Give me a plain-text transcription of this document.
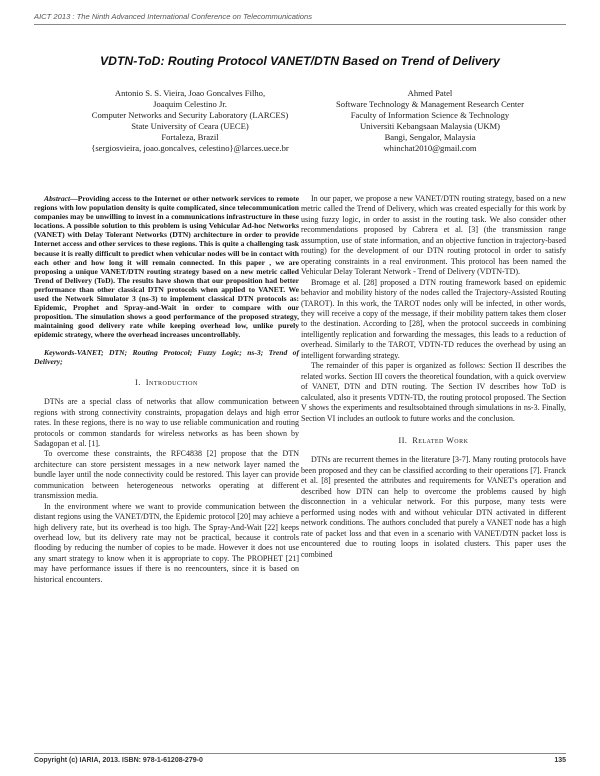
AICT 2013 : The Ninth Advanced International Conference on Telecommunications
VDTN-ToD: Routing Protocol VANET/DTN Based on Trend of Delivery
Antonio S. S. Vieira, Joao Goncalves Filho,
Joaquim Celestino Jr.
Computer Networks and Security Laboratory (LARCES)
State University of Ceara (UECE)
Fortaleza, Brazil
{sergiosvieira, joao.goncalves, celestino}@larces.uece.br
Ahmed Patel
Software Technology & Management Research Center
Faculty of Information Science & Technology
Universiti Kebangsaan Malaysia (UKM)
Bangi, Sengalor, Malaysia
whinchat2010@gmail.com

Abstract—Providing access to the Internet or other network services to remote regions with low population density is quite complicated, since telecommunication companies may be unwilling to invest in a communications infrastructure in these locations. A possible solution to this problem is using Vehicular Ad-hoc Networks (VANET) with Delay Tolerant Networks (DTN) architecture in order to provide Internet access and other services to these regions. This is quite a challenging task because it is really difficult to predict when vehicular nodes will be in contact with each other and how long it will remain connected. In this paper , we are proposing a unique VANET/DTN routing strategy based on a new metric called Trend of Delivery (ToD). The results have shown that our proposition had better performance than other classical DTN protocols when applied to VANET. We used the Network Simulator 3 (ns-3) to implement classical DTN protocols as: Epidemic, Prophet and Spray-and-Wait in order to compare with our proposition. The simulation shows a good performance of the proposed strategy, maintaining good delivery rate while keeping overhead low, unlike purely epidemic strategy, where the overhead increases uncontrollably.

Keywords-VANET; DTN; Routing Protocol; Fuzzy Logic; ns-3; Trend of Delivery;

I. Introduction

DTNs are a special class of networks that allow communication between regions with strong connectivity constraints, propagation delays and high error rates. In these regions, there is no way to use reliable communication and routing protocols or common standards for wireless networks as has been shown by Sadagopan et al. [1].

To overcome these constraints, the RFC4838 [2] propose that the DTN architecture can store persistent messages in a new network layer named the bundle layer until the node connectivity could be restored. This layer can provide communication between heterogeneous networks operating at different transmission media.

In the environment where we want to provide communication between the distant regions using the VANET/DTN, the Epidemic protocol [20] may achieve a high delivery rate, but its overhead is too high. The Spray-And-Wait [22] keeps overhead low, but its delivery rate may not be practical, because it controls flooding by reducing the number of copies to be made. However it does not use any smart strategy to know when it is appropriate to copy. The PROPHET [21] may have performance issues if there is no reencounters, since it is based on historical encounters.

In our paper, we propose a new VANET/DTN routing strategy, based on a new metric called the Trend of Delivery, which was created especially for this work by using fuzzy logic, in order to assist in the routing task. We also consider other recommendations proposed by Cabrera et al. [3] (the transmission range assumption, use of state information, and an objective function in trajectory-based routing) for the development of our DTN routing protocol in order to satisfy operating constraints in a real environment. This protocol has been named the Vehicular Delay Tolerant Network - Trend of Delivery (VDTN-TD).

Bromage et al. [28] proposed a DTN routing framework based on epidemic behavior and mobility history of the nodes called the Trajectory-Assisted Routing (TAROT). In this work, the TAROT nodes only will be infected, in other words, they will receive a copy of the message, if their mobility pattern takes them closer to the destination. According to [28], when the protocol succeeds in combining intelligently replication and forwarding the messages, this leads to a reduction of overhead. Similarly to the TAROT, VDTN-TD reduces the overhead by using an intelligent forwarding strategy.

The remainder of this paper is organized as follows: Section II describes the related works. Section III covers the theoretical foundation, with a quick overview of VANET, DTN and DTN routing. The Section IV describes how ToD is calculated, also it presents VDTN-TD, the routing protocol proposed. The Section V shows the experiments and resultsobtained through simulations in ns-3. Finally, Section VI includes an outlook to future works and the conclusion.

II. Related Work

DTNs are recurrent themes in the literature [3-7]. Many routing protocols have been proposed and they can be classified according to their operations [7]. Franck et al. [8] presented the attributes and requirements for VANET's operation and described how DTN can help to overcome the problems caused by high disconnection in a vehicular network. For this purpose, many tests were performed using nodes with and without vehicular DTN activated in different network conditions. The authors concluded that purely a VANET node has a high rate of packet loss and that even in a scenario with VANET/DTN packet loss is encountered due to routing loops in isolated clusters. This paper uses the combined

Copyright (c) IARIA, 2013. ISBN: 978-1-61208-279-0	135
